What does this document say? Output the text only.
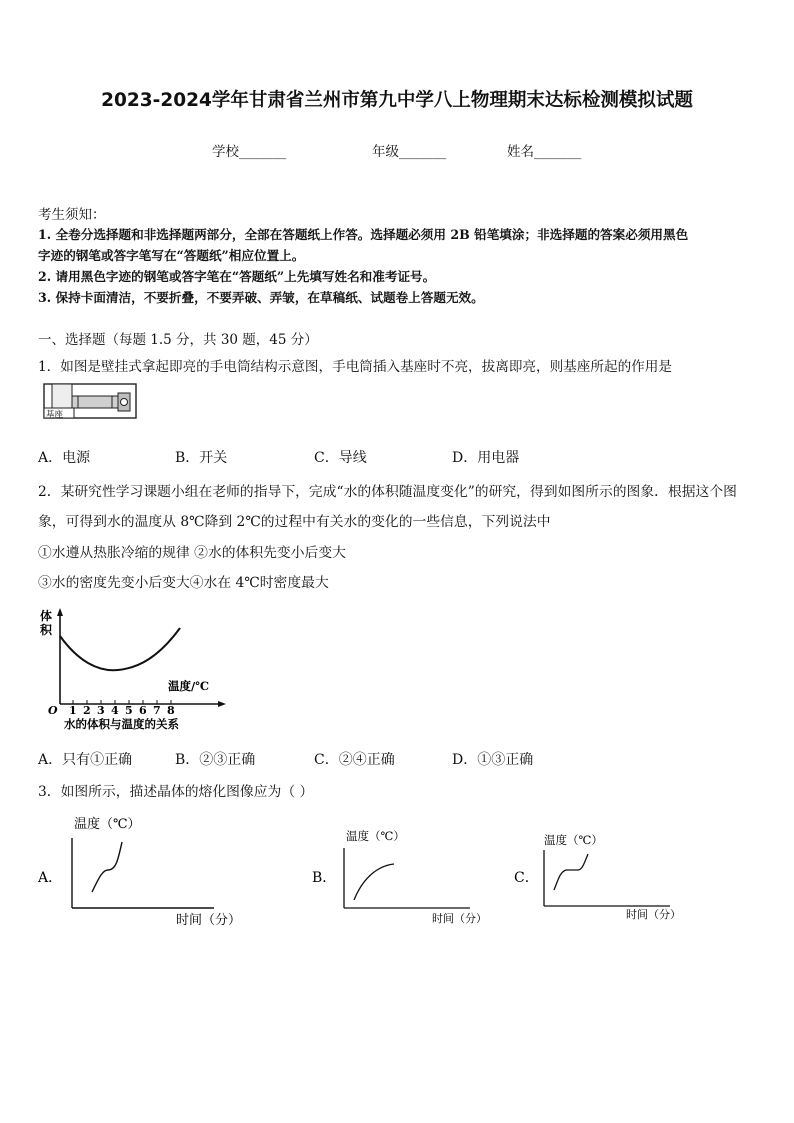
2023-2024学年甘肃省兰州市第九中学八上物理期末达标检测模拟试题
学校_______	年级_______	姓名_______
考生须知：
1. 全卷分选择题和非选择题两部分，全部在答题纸上作答。选择题必须用 2B 铅笔填涂；非选择题的答案必须用黑色
字迹的钢笔或答字笔写在“答题纸”相应位置上。
2. 请用黑色字迹的钢笔或答字笔在“答题纸”上先填写姓名和准考证号。
3. 保持卡面清洁，不要折叠，不要弄破、弄皱，在草稿纸、试题卷上答题无效。
一、选择题（每题 1.5 分，共 30 题，45 分）
1．如图是壁挂式拿起即亮的手电筒结构示意图，手电筒插入基座时不亮，拔离即亮，则基座所起的作用是
基座
A．电源	B．开关	C．导线	D．用电器
2．某研究性学习课题小组在老师的指导下，完成“水的体积随温度变化”的研究，得到如图所示的图象．根据这个图
象，可得到水的温度从 8℃降到 2℃的过程中有关水的变化的一些信息，下列说法中
①水遵从热胀冷缩的规律 ②水的体积先变小后变大
③水的密度先变小后变大④水在 4℃时密度最大
体
积
温度/℃
O 1 2 3 4 5 6 7 8
水的体积与温度的关系
A．只有①正确	B．②③正确	C．②④正确	D．①③正确
3．如图所示，描述晶体的熔化图像应为（ ）
A．
温度（℃）
时间（分）
B．
温度（℃）
时间（分）
C．
温度（℃）
时间（分）
